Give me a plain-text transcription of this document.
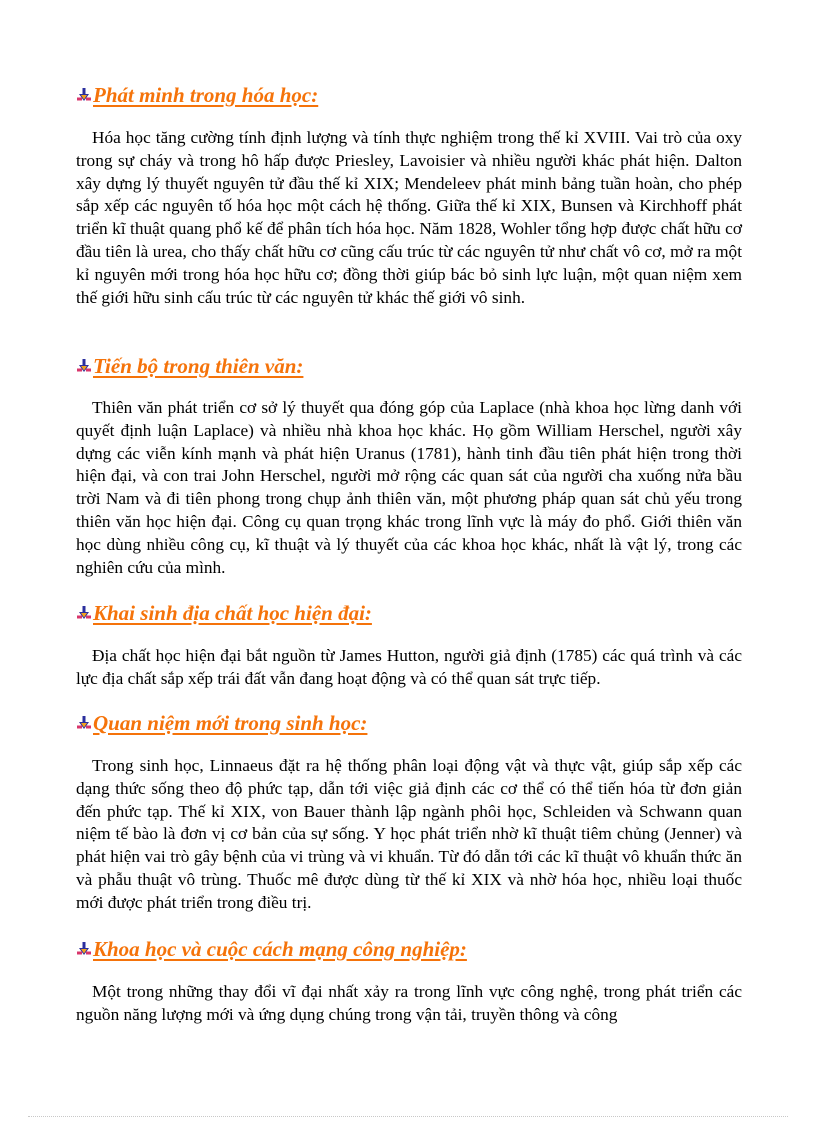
Phát minh trong hóa học:

Hóa học tăng cường tính định lượng và tính thực nghiệm trong thế kỉ XVIII. Vai trò của oxy trong sự cháy và trong hô hấp được Priesley, Lavoisier và nhiều người khác phát hiện. Dalton xây dựng lý thuyết nguyên tử đầu thế kỉ XIX; Mendeleev phát minh bảng tuần hoàn, cho phép sắp xếp các nguyên tố hóa học một cách hệ thống. Giữa thế kỉ XIX, Bunsen và Kirchhoff phát triển kĩ thuật quang phổ kế để phân tích hóa học. Năm 1828, Wohler tổng hợp được chất hữu cơ đầu tiên là urea, cho thấy chất hữu cơ cũng cấu trúc từ các nguyên tử như chất vô cơ, mở ra một kỉ nguyên mới trong hóa học hữu cơ; đồng thời giúp bác bỏ sinh lực luận, một quan niệm xem thế giới hữu sinh cấu trúc từ các nguyên tử khác thế giới vô sinh.

Tiến bộ trong thiên văn:

Thiên văn phát triển cơ sở lý thuyết qua đóng góp của Laplace (nhà khoa học lừng danh với quyết định luận Laplace) và nhiều nhà khoa học khác. Họ gồm William Herschel, người xây dựng các viễn kính mạnh và phát hiện Uranus (1781), hành tinh đầu tiên phát hiện trong thời hiện đại, và con trai John Herschel, người mở rộng các quan sát của người cha xuống nửa bầu trời Nam và đi tiên phong trong chụp ảnh thiên văn, một phương pháp quan sát chủ yếu trong thiên văn học hiện đại. Công cụ quan trọng khác trong lĩnh vực là máy đo phổ. Giới thiên văn học dùng nhiều công cụ, kĩ thuật và lý thuyết của các khoa học khác, nhất là vật lý, trong các nghiên cứu của mình.

Khai sinh địa chất học hiện đại:

Địa chất học hiện đại bắt nguồn từ James Hutton, người giả định (1785) các quá trình và các lực địa chất sắp xếp trái đất vẫn đang hoạt động và có thể quan sát trực tiếp.

Quan niệm mới trong sinh học:

Trong sinh học, Linnaeus đặt ra hệ thống phân loại động vật và thực vật, giúp sắp xếp các dạng thức sống theo độ phức tạp, dẫn tới việc giả định các cơ thể có thể tiến hóa từ đơn giản đến phức tạp. Thế kỉ XIX, von Bauer thành lập ngành phôi học, Schleiden và Schwann quan niệm tế bào là đơn vị cơ bản của sự sống. Y học phát triển nhờ kĩ thuật tiêm chủng (Jenner) và phát hiện vai trò gây bệnh của vi trùng và vi khuẩn. Từ đó dẫn tới các kĩ thuật vô khuẩn thức ăn và phẫu thuật vô trùng. Thuốc mê được dùng từ thế kỉ XIX và nhờ hóa học, nhiều loại thuốc mới được phát triển trong điều trị.

Khoa học và cuộc cách mạng công nghiệp:

Một trong những thay đổi vĩ đại nhất xảy ra trong lĩnh vực công nghệ, trong phát triển các nguồn năng lượng mới và ứng dụng chúng trong vận tải, truyền thông và công
